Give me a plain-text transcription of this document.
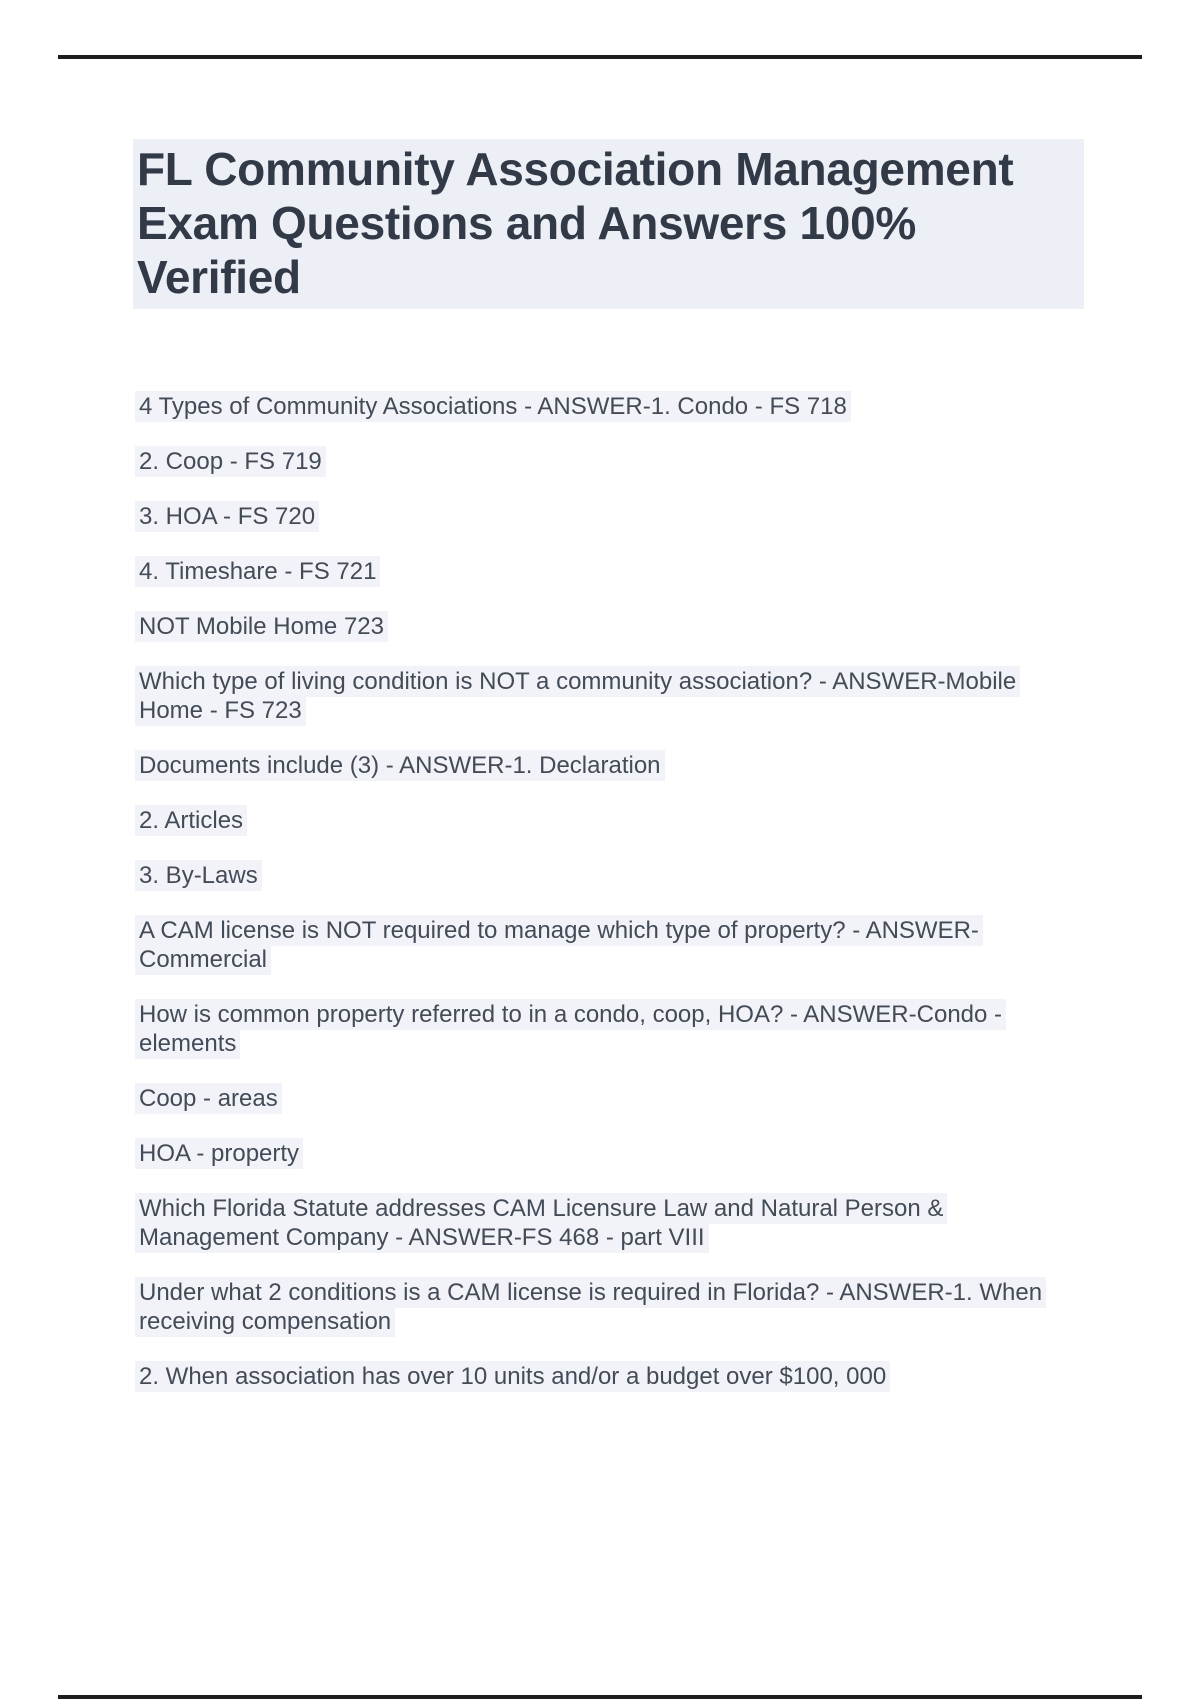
FL Community Association Management Exam Questions and Answers 100% Verified

4 Types of Community Associations - ANSWER-1. Condo - FS 718

2. Coop - FS 719

3. HOA - FS 720

4. Timeshare - FS 721

NOT Mobile Home 723

Which type of living condition is NOT a community association? - ANSWER-Mobile Home - FS 723

Documents include (3) - ANSWER-1. Declaration

2. Articles

3. By-Laws

A CAM license is NOT required to manage which type of property? - ANSWER-Commercial

How is common property referred to in a condo, coop, HOA? - ANSWER-Condo - elements

Coop - areas

HOA - property

Which Florida Statute addresses CAM Licensure Law and Natural Person & Management Company - ANSWER-FS 468 - part VIII

Under what 2 conditions is a CAM license is required in Florida? - ANSWER-1. When receiving compensation

2. When association has over 10 units and/or a budget over $100, 000
